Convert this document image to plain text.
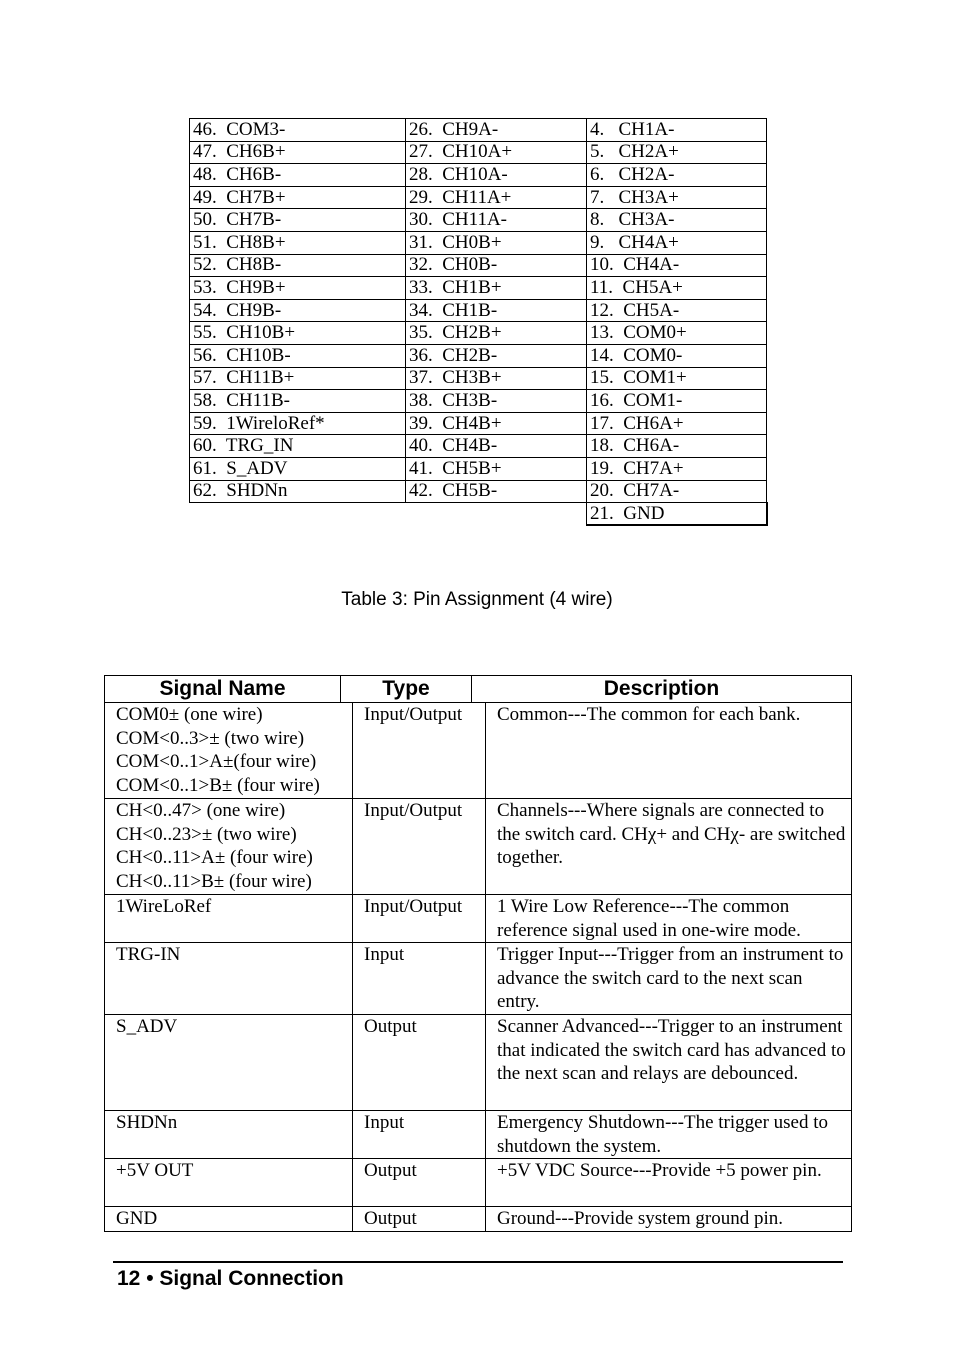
46.  COM3-	26.  CH9A-	4.   CH1A-
47.  CH6B+	27.  CH10A+	5.   CH2A+
48.  CH6B-	28.  CH10A-	6.   CH2A-
49.  CH7B+	29.  CH11A+	7.   CH3A+
50.  CH7B-	30.  CH11A-	8.   CH3A-
51.  CH8B+	31.  CH0B+	9.   CH4A+
52.  CH8B-	32.  CH0B-	10.  CH4A-
53.  CH9B+	33.  CH1B+	11.  CH5A+
54.  CH9B-	34.  CH1B-	12.  CH5A-
55.  CH10B+	35.  CH2B+	13.  COM0+
56.  CH10B-	36.  CH2B-	14.  COM0-
57.  CH11B+	37.  CH3B+	15.  COM1+
58.  CH11B-	38.  CH3B-	16.  COM1-
59.  1WireloRef*	39.  CH4B+	17.  CH6A+
60.  TRG_IN	40.  CH4B-	18.  CH6A-
61.  S_ADV	41.  CH5B+	19.  CH7A+
62.  SHDNn	42.  CH5B-	20.  CH7A-
		21.  GND
Table 3: Pin Assignment (4 wire)
Signal Name	Type	Description
COM0± (one wire)
COM<0..3>± (two wire)
COM<0..1>A±(four wire)
COM<0..1>B± (four wire)
Input/Output	Common---The common for each bank.
CH<0..47> (one wire)
CH<0..23>± (two wire)
CH<0..11>A± (four wire)
CH<0..11>B± (four wire)
Input/Output	Channels---Where signals are connected to the switch card. CHχ+ and CHχ- are switched together.
1WireLoRef	Input/Output	1 Wire Low Reference---The common reference signal used in one-wire mode.
TRG-IN	Input	Trigger Input---Trigger from an instrument to advance the switch card to the next scan entry.
S_ADV	Output	Scanner Advanced---Trigger to an instrument that indicated the switch card has advanced to the next scan and relays are debounced.
SHDNn	Input	Emergency Shutdown---The trigger used to shutdown the system.
+5V OUT	Output	+5V VDC Source---Provide +5 power pin.
GND	Output	Ground---Provide system ground pin.
12 • Signal Connection
